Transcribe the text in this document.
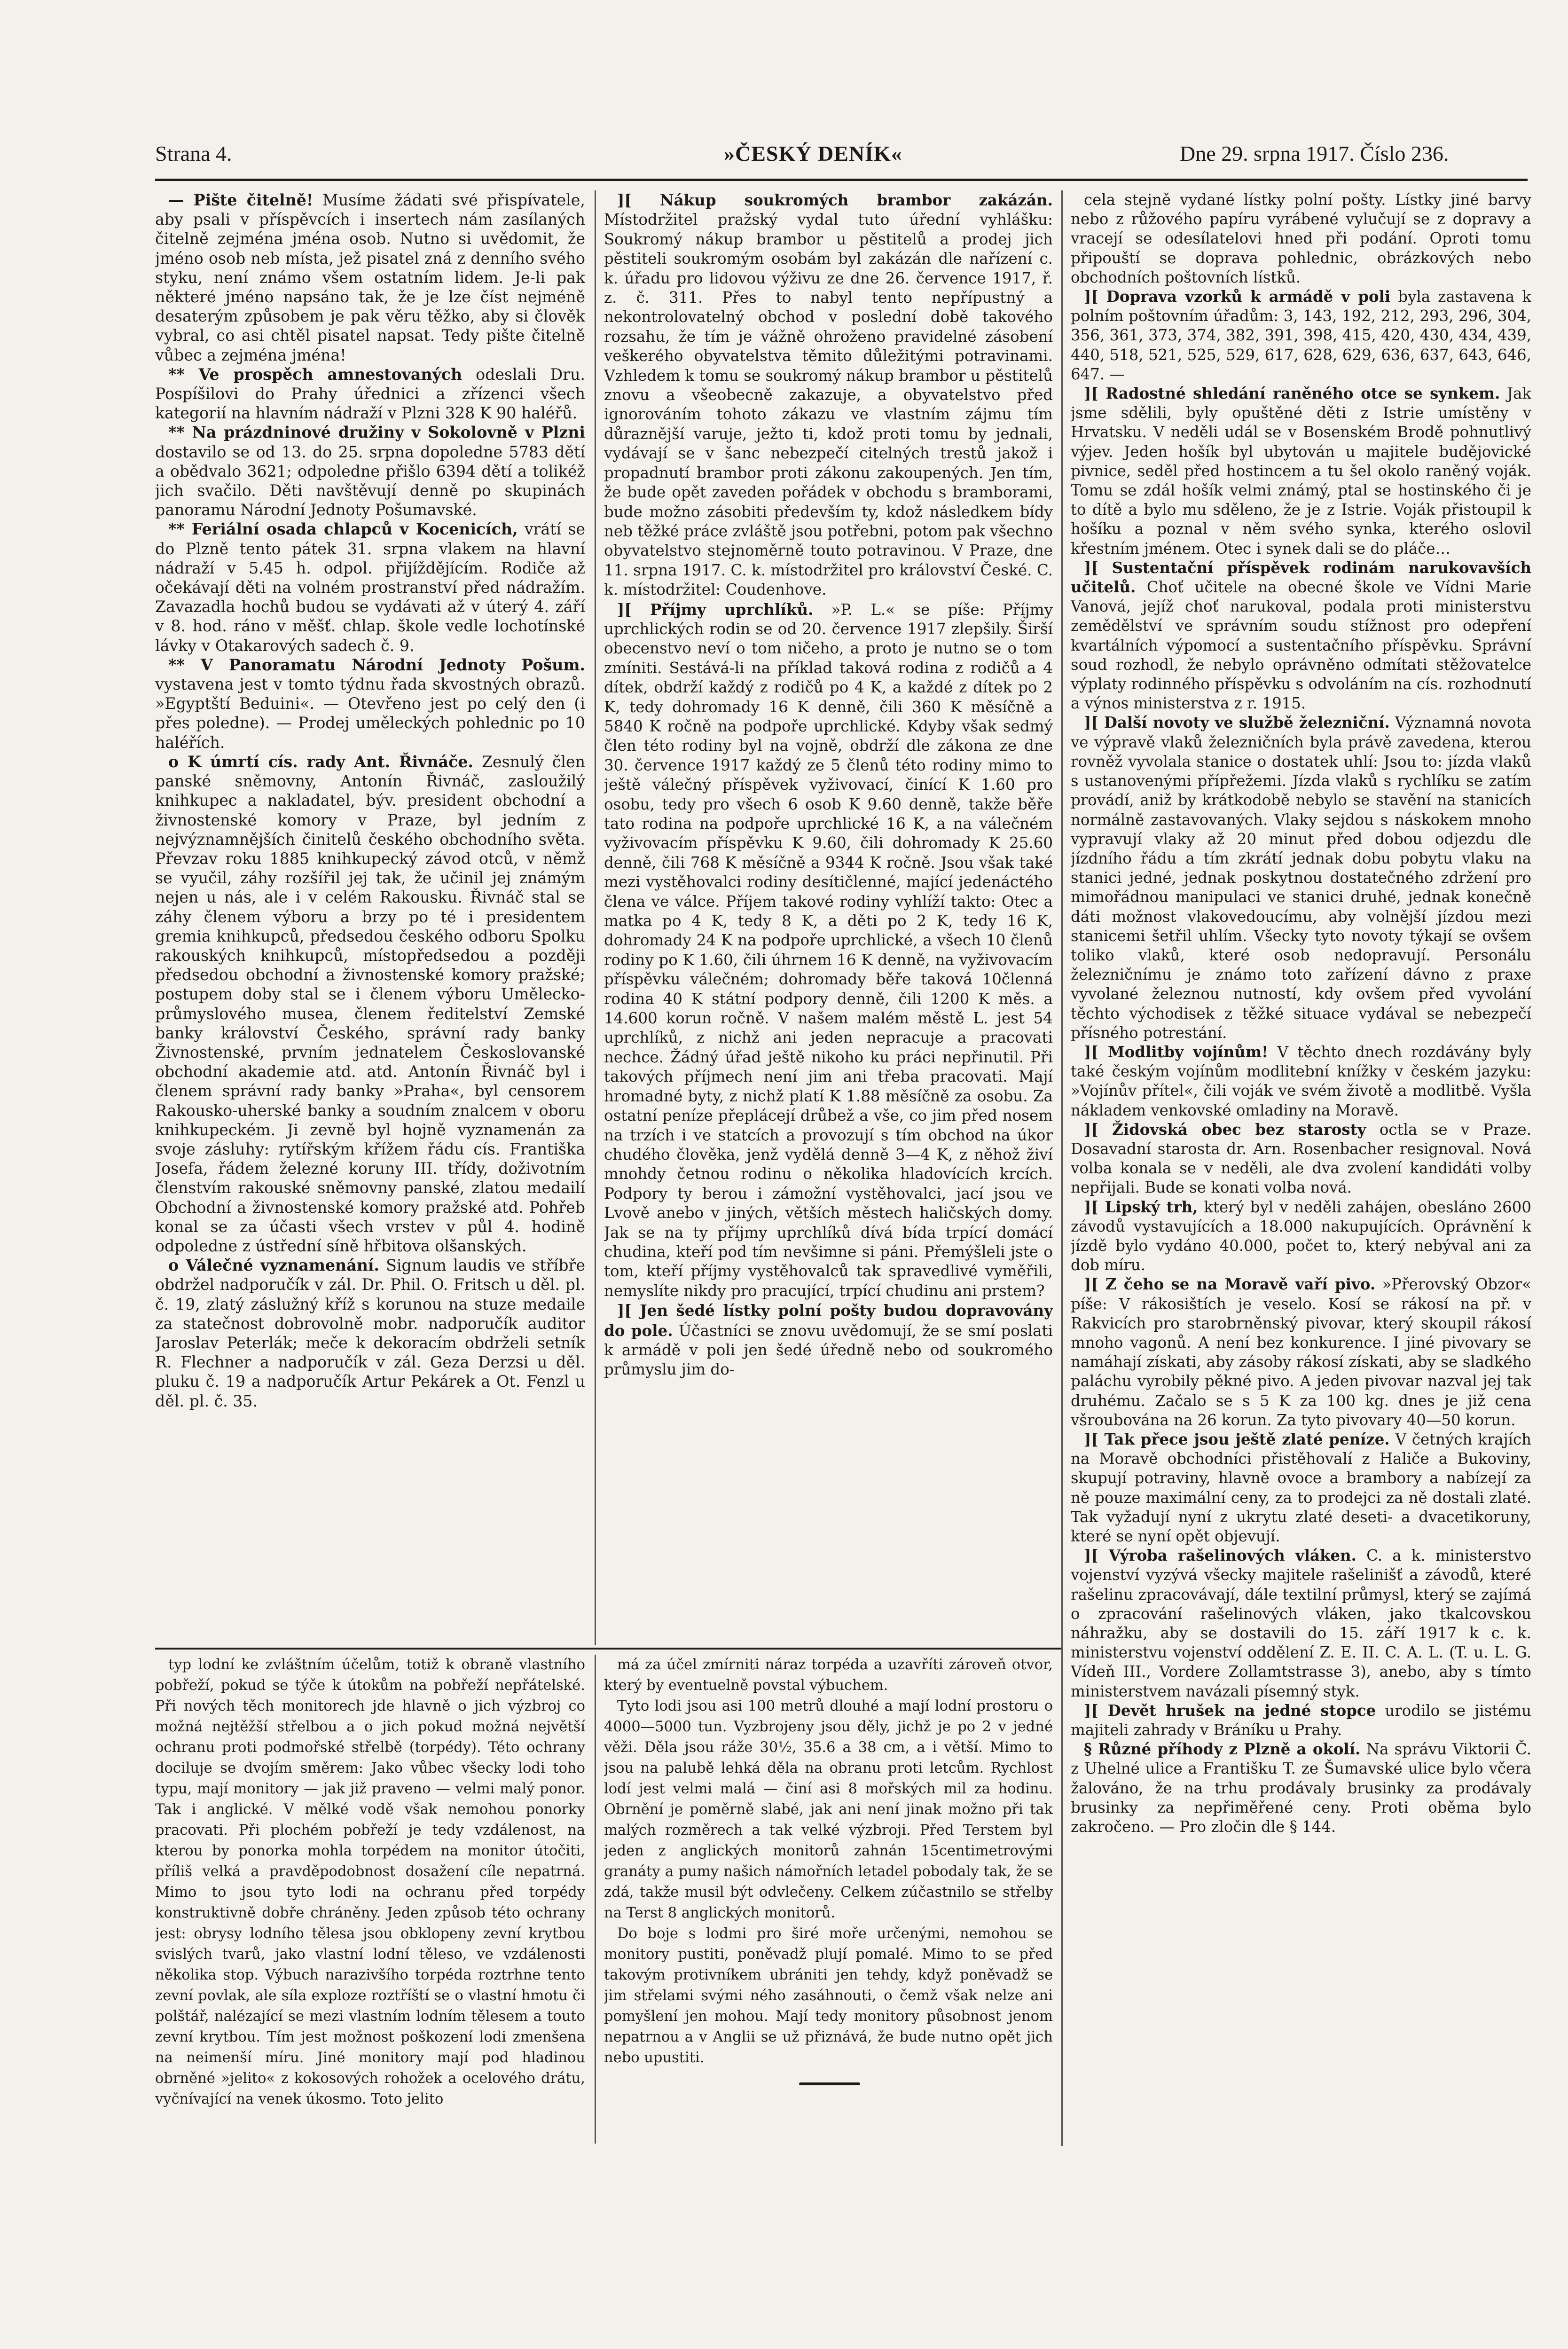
Strana 4.	»ČESKÝ DENÍK«	Dne 29. srpna 1917. Číslo 236.

— Pište čitelně! Musíme žádati své přispívatele, aby psali v příspěvcích i insertech nám zasílaných čitelně zejména jména osob. Nutno si uvědomit, že jméno osob neb místa, jež pisatel zná z denního svého styku, není známo všem ostatním lidem. Je-li pak některé jméno napsáno tak, že je lze číst nejméně desaterým způsobem je pak věru těžko, aby si člověk vybral, co asi chtěl pisatel napsat. Tedy pište čitelně vůbec a zejména jména!

** Ve prospěch amnestovaných odeslali Dru. Pospíšilovi do Prahy úřednici a zřízenci všech kategorií na hlavním nádraží v Plzni 328 K 90 haléřů.

** Na prázdninové družiny v Sokolovně v Plzni dostavilo se od 13. do 25. srpna dopoledne 5783 dětí a obědvalo 3621; odpoledne přišlo 6394 dětí a tolikéž jich svačilo. Děti navštěvují denně po skupinách panoramu Národní Jednoty Pošumavské.

** Feriální osada chlapců v Kocenicích, vrátí se do Plzně tento pátek 31. srpna vlakem na hlavní nádraží v 5.45 h. odpol. přijíždějícím. Rodiče až očekávají děti na volném prostranství před nádražím. Zavazadla hochů budou se vydávati až v úterý 4. září v 8. hod. ráno v měšť. chlap. škole vedle lochotínské lávky v Otakarových sadech č. 9.

** V Panoramatu Národní Jednoty Pošum. vystavena jest v tomto týdnu řada skvostných obrazů. »Egyptští Beduini«. — Otevřeno jest po celý den (i přes poledne). — Prodej uměleckých pohlednic po 10 haléřích.

o K úmrtí cís. rady Ant. Řivnáče. Zesnulý člen panské sněmovny, Antonín Řivnáč, zasloužilý knihkupec a nakladatel, býv. president obchodní a živnostenské komory v Praze, byl jedním z nejvýznamnějších činitelů českého obchodního světa. Převzav roku 1885 knihkupecký závod otců, v němž se vyučil, záhy rozšířil jej tak, že učinil jej známým nejen u nás, ale i v celém Rakousku. Řivnáč stal se záhy členem výboru a brzy po té i presidentem gremia knihkupců, předsedou českého odboru Spolku rakouských knihkupců, místopředsedou a později předsedou obchodní a živnostenské komory pražské; postupem doby stal se i členem výboru Umělecko-průmyslového musea, členem ředitelství Zemské banky království Českého, správní rady banky Živnostenské, prvním jednatelem Českoslovanské obchodní akademie atd. atd. Antonín Řivnáč byl i členem správní rady banky »Praha«, byl censorem Rakousko-uherské banky a soudním znalcem v oboru knihkupeckém. Ji zevně byl hojně vyznamenán za svoje zásluhy: rytířským křížem řádu cís. Františka Josefa, řádem železné koruny III. třídy, doživotním členstvím rakouské sněmovny panské, zlatou medailí Obchodní a živnostenské komory pražské atd. Pohřeb konal se za účasti všech vrstev v půl 4. hodině odpoledne z ústřední síně hřbitova olšanských.

o Válečné vyznamenání. Signum laudis ve stříbře obdržel nadporučík v zál. Dr. Phil. O. Fritsch u děl. pl. č. 19, zlatý záslužný kříž s korunou na stuze medaile za statečnost dobrovolně mobr. nadporučík auditor Jaroslav Peterlák; meče k dekoracím obdrželi setník R. Flechner a nadporučík v zál. Geza Derzsi u děl. pluku č. 19 a nadporučík Artur Pekárek a Ot. Fenzl u děl. pl. č. 35.

][ Nákup soukromých brambor zakázán. Místodržitel pražský vydal tuto úřední vyhlášku: Soukromý nákup brambor u pěstitelů a prodej jich pěstiteli soukromým osobám byl zakázán dle nařízení c. k. úřadu pro lidovou výživu ze dne 26. července 1917, ř. z. č. 311. Přes to nabyl tento nepřípustný a nekontrolovatelný obchod v poslední době takového rozsahu, že tím je vážně ohroženo pravidelné zásobení veškerého obyvatelstva těmito důležitými potravinami. Vzhledem k tomu se soukromý nákup brambor u pěstitelů znovu a všeobecně zakazuje, a obyvatelstvo před ignorováním tohoto zákazu ve vlastním zájmu tím důraznější varuje, ježto ti, kdož proti tomu by jednali, vydávají se v šanc nebezpečí citelných trestů jakož i propadnutí brambor proti zákonu zakoupených. Jen tím, že bude opět zaveden pořádek v obchodu s bramborami, bude možno zásobiti především ty, kdož následkem bídy neb těžké práce zvláště jsou potřebni, potom pak všechno obyvatelstvo stejnoměrně touto potravinou. V Praze, dne 11. srpna 1917. C. k. místodržitel pro království České. C. k. místodržitel: Coudenhove.

][ Příjmy uprchlíků. »P. L.« se píše: Příjmy uprchlických rodin se od 20. července 1917 zlepšily. Širší obecenstvo neví o tom ničeho, a proto je nutno se o tom zmíniti. Sestává-li na příklad taková rodina z rodičů a 4 dítek, obdrží každý z rodičů po 4 K, a každé z dítek po 2 K, tedy dohromady 16 K denně, čili 360 K měsíčně a 5840 K ročně na podpoře uprchlické. Kdyby však sedmý člen této rodiny byl na vojně, obdrží dle zákona ze dne 30. července 1917 každý ze 5 členů této rodiny mimo to ještě válečný příspěvek vyživovací, činící K 1.60 pro osobu, tedy pro všech 6 osob K 9.60 denně, takže běře tato rodina na podpoře uprchlické 16 K, a na válečném vyživovacím příspěvku K 9.60, čili dohromady K 25.60 denně, čili 768 K měsíčně a 9344 K ročně. Jsou však také mezi vystěhovalci rodiny desítičlenné, mající jedenáctého člena ve válce. Příjem takové rodiny vyhlíží takto: Otec a matka po 4 K, tedy 8 K, a děti po 2 K, tedy 16 K, dohromady 24 K na podpoře uprchlické, a všech 10 členů rodiny po K 1.60, čili úhrnem 16 K denně, na vyživovacím příspěvku válečném; dohromady běře taková 10členná rodina 40 K státní podpory denně, čili 1200 K měs. a 14.600 korun ročně. V našem malém městě L. jest 54 uprchlíků, z nichž ani jeden nepracuje a pracovati nechce. Žádný úřad ještě nikoho ku práci nepřinutil. Při takových příjmech není jim ani třeba pracovati. Mají hromadné byty, z nichž platí K 1.88 měsíčně za osobu. Za ostatní peníze přeplácejí drůbež a vše, co jim před nosem na trzích i ve statcích a provozují s tím obchod na úkor chudého člověka, jenž vydělá denně 3—4 K, z něhož živí mnohdy četnou rodinu o několika hladovících krcích. Podpory ty berou i zámožní vystěhovalci, jací jsou ve Lvově anebo v jiných, větších městech haličských domy. Jak se na ty příjmy uprchlíků dívá bída trpící domácí chudina, kteří pod tím nevšimne si páni. Přemýšleli jste o tom, kteří příjmy vystěhovalců tak spravedlivé vyměřili, nemyslíte nikdy pro pracující, trpící chudinu ani prstem?

][ Jen šedé lístky polní pošty budou dopravovány do pole. Účastníci se znovu uvědomují, že se smí poslati k armádě v poli jen šedé úředně nebo od soukromého průmyslu jim do-

cela stejně vydané lístky polní pošty. Lístky jiné barvy nebo z růžového papíru vyrábené vylučují se z dopravy a vracejí se odesílatelovi hned při podání. Oproti tomu připouští se doprava pohlednic, obrázkových nebo obchodních poštovních lístků.

][ Doprava vzorků k armádě v poli byla zastavena k polním poštovním úřadům: 3, 143, 192, 212, 293, 296, 304, 356, 361, 373, 374, 382, 391, 398, 415, 420, 430, 434, 439, 440, 518, 521, 525, 529, 617, 628, 629, 636, 637, 643, 646, 647. —

][ Radostné shledání raněného otce se synkem. Jak jsme sdělili, byly opuštěné děti z Istrie umístěny v Hrvatsku. V neděli udál se v Bosenském Brodě pohnutlivý výjev. Jeden hošík byl ubytován u majitele budějovické pivnice, seděl před hostincem a tu šel okolo raněný voják. Tomu se zdál hošík velmi známý, ptal se hostinského či je to dítě a bylo mu sděleno, že je z Istrie. Voják přistoupil k hošíku a poznal v něm svého synka, kterého oslovil křestním jménem. Otec i synek dali se do pláče…

][ Sustentační příspěvek rodinám narukovavších učitelů. Choť učitele na obecné škole ve Vídni Marie Vanová, jejíž choť narukoval, podala proti ministerstvu zemědělství ve správním soudu stížnost pro odepření kvartálních výpomocí a sustentačního příspěvku. Správní soud rozhodl, že nebylo oprávněno odmítati stěžovatelce výplaty rodinného příspěvku s odvoláním na cís. rozhodnutí a výnos ministerstva z r. 1915.

][ Další novoty ve službě železniční. Významná novota ve výpravě vlaků železničních byla právě zavedena, kterou rovněž vyvolala stanice o dostatek uhlí: Jsou to: jízda vlaků s ustanovenými přípřežemi. Jízda vlaků s rychlíku se zatím provádí, aniž by krátkodobě nebylo se stavění na stanicích normálně zastavovaných. Vlaky sejdou s náskokem mnoho vypravují vlaky až 20 minut před dobou odjezdu dle jízdního řádu a tím zkrátí jednak dobu pobytu vlaku na stanici jedné, jednak poskytnou dostatečného zdržení pro mimořádnou manipulaci ve stanici druhé, jednak konečně dáti možnost vlakovedoucímu, aby volnější jízdou mezi stanicemi šetřil uhlím. Všecky tyto novoty týkají se ovšem toliko vlaků, které osob nedopravují. Personálu železničnímu je známo toto zařízení dávno z praxe vyvolané železnou nutností, kdy ovšem před vyvolání těchto východisek z těžké situace vydával se nebezpečí přísného potrestání.

][ Modlitby vojínům! V těchto dnech rozdávány byly také českým vojínům modlitební knížky v českém jazyku: »Vojínův přítel«, čili voják ve svém životě a modlitbě. Vyšla nákladem venkovské omladiny na Moravě.

][ Židovská obec bez starosty octla se v Praze. Dosavadní starosta dr. Arn. Rosenbacher resignoval. Nová volba konala se v neděli, ale dva zvolení kandidáti volby nepřijali. Bude se konati volba nová.

][ Lipský trh, který byl v neděli zahájen, obesláno 2600 závodů vystavujících a 18.000 nakupujících. Oprávnění k jízdě bylo vydáno 40.000, počet to, který nebýval ani za dob míru.

][ Z čeho se na Moravě vaří pivo. »Přerovský Obzor« píše: V rákosištích je veselo. Kosí se rákosí na př. v Rakvicích pro starobrněnský pivovar, který skoupil rákosí mnoho vagonů. A není bez konkurence. I jiné pivovary se namáhají získati, aby zásoby rákosí získati, aby se sladkého paláchu vyrobily pěkné pivo. A jeden pivovar nazval jej tak druhému. Začalo se s 5 K za 100 kg. dnes je již cena všroubována na 26 korun. Za tyto pivovary 40—50 korun.

][ Tak přece jsou ještě zlaté peníze. V četných krajích na Moravě obchodníci přistěhovalí z Haliče a Bukoviny, skupují potraviny, hlavně ovoce a brambory a nabízejí za ně pouze maximální ceny, za to prodejci za ně dostali zlaté. Tak vyžadují nyní z ukrytu zlaté deseti- a dvacetikoruny, které se nyní opět objevují.

][ Výroba rašelinových vláken. C. a k. ministerstvo vojenství vyzývá všecky majitele rašelinišť a závodů, které rašelinu zpracovávají, dále textilní průmysl, který se zajímá o zpracování rašelinových vláken, jako tkalcovskou náhražku, aby se dostavili do 15. září 1917 k c. k. ministerstvu vojenství oddělení Z. E. II. C. A. L. (T. u. L. G. Vídeň III., Vordere Zollamtstrasse 3), anebo, aby s tímto ministerstvem navázali písemný styk.

][ Devět hrušek na jedné stopce urodilo se jistému majiteli zahrady v Bráníku u Prahy.

§ Různé příhody z Plzně a okolí. Na správu Viktorii Č. z Uhelné ulice a Františku T. ze Šumavské ulice bylo včera žalováno, že na trhu prodávaly brusinky za prodávaly brusinky za nepřiměřené ceny. Proti oběma bylo zakročeno. — Pro zločin dle § 144.

typ lodní ke zvláštním účelům, totiž k obraně vlastního pobřeží, pokud se týče k útokům na pobřeží nepřátelské. Při nových těch monitorech jde hlavně o jich výzbroj co možná nejtěžší střelbou a o jich pokud možná největší ochranu proti podmořské střelbě (torpédy). Této ochrany dociluje se dvojím směrem: Jako vůbec všecky lodi toho typu, mají monitory — jak již praveno — velmi malý ponor. Tak i anglické. V mělké vodě však nemohou ponorky pracovati. Při plochém pobřeží je tedy vzdálenost, na kterou by ponorka mohla torpédem na monitor útočiti, příliš velká a pravděpodobnost dosažení cíle nepatrná. Mimo to jsou tyto lodi na ochranu před torpédy konstruktivně dobře chráněny. Jeden způsob této ochrany jest: obrysy lodního tělesa jsou obklopeny zevní krytbou svislých tvarů, jako vlastní lodní těleso, ve vzdálenosti několika stop. Výbuch narazivšího torpéda roztrhne tento zevní povlak, ale síla exploze roztříští se o vlastní hmotu či polštář, nalézající se mezi vlastním lodním tělesem a touto zevní krytbou. Tím jest možnost poškození lodi zmenšena na neimenší míru. Jiné monitory mají pod hladinou obrněné »jelito« z kokosových rohožek a ocelového drátu, vyčnívající na venek úkosmo. Toto jelito

má za účel zmírniti náraz torpéda a uzavříti zároveň otvor, který by eventuelně povstal výbuchem.

Tyto lodi jsou asi 100 metrů dlouhé a mají lodní prostoru o 4000—5000 tun. Vyzbrojeny jsou děly, jichž je po 2 v jedné věži. Děla jsou ráže 30½, 35.6 a 38 cm, a i větší. Mimo to jsou na palubě lehká děla na obranu proti letcům. Rychlost lodí jest velmi malá — činí asi 8 mořských mil za hodinu. Obrnění je poměrně slabé, jak ani není jinak možno při tak malých rozměrech a tak velké výzbroji. Před Terstem byl jeden z anglických monitorů zahnán 15centimetrovými granáty a pumy našich námořních letadel pobodaly tak, že se zdá, takže musil být odvlečeny. Celkem zúčastnilo se střelby na Terst 8 anglických monitorů.

Do boje s lodmi pro širé moře určenými, nemohou se monitory pustiti, poněvadž plují pomalé. Mimo to se před takovým protivníkem ubrániti jen tehdy, když poněvadž se jim střelami svými ného zasáhnouti, o čemž však nelze ani pomyšlení jen mohou. Mají tedy monitory působnost jenom nepatrnou a v Anglii se už přiznává, že bude nutno opět jich nebo upustiti.
